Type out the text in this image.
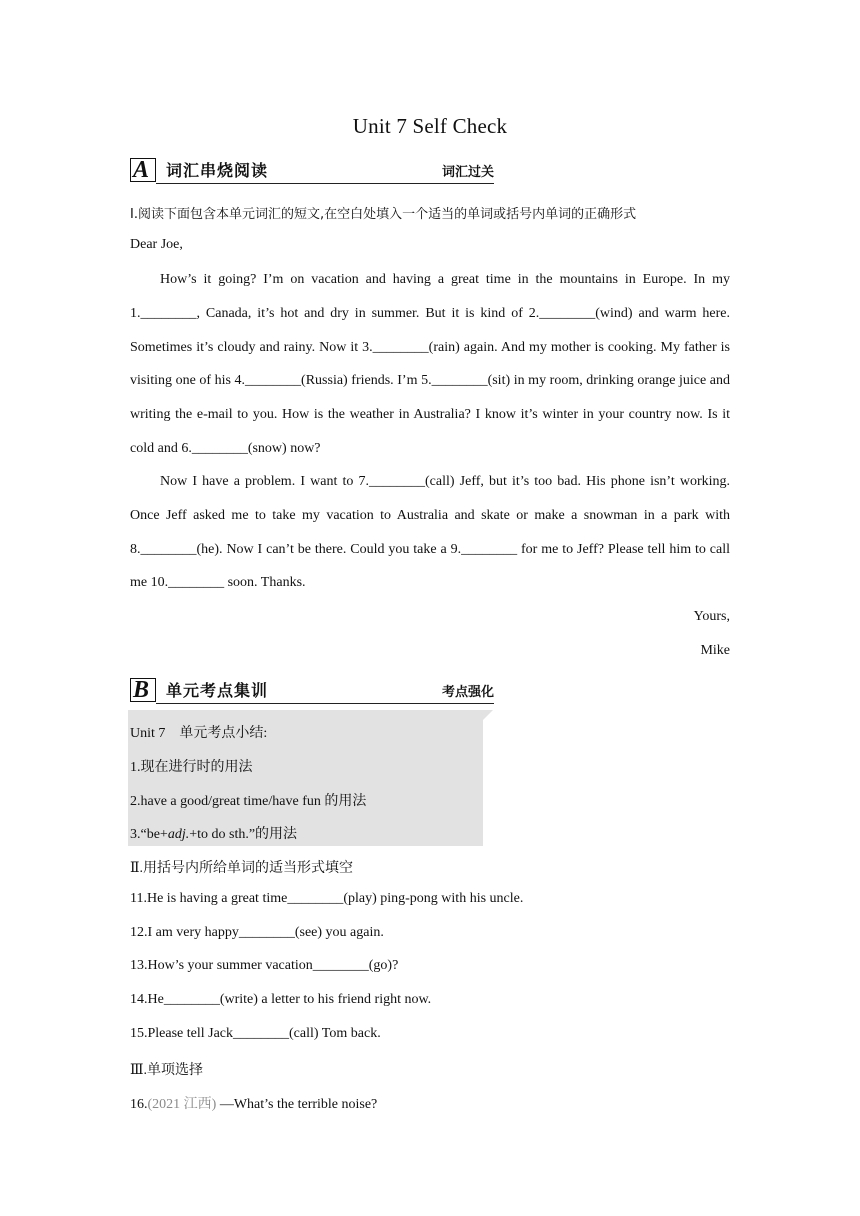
Unit 7 Self Check
A 词汇串烧阅读	词汇过关
Ⅰ.阅读下面包含本单元词汇的短文,在空白处填入一个适当的单词或括号内单词的正确形式
Dear Joe,
How’s it going? I’m on vacation and having a great time in the mountains in Europe. In my 1.________, Canada, it’s hot and dry in summer. But it is kind of 2.________(wind) and warm here. Sometimes it’s cloudy and rainy. Now it 3.________(rain) again. And my mother is cooking. My father is visiting one of his 4.________(Russia) friends. I’m 5.________(sit) in my room, drinking orange juice and writing the e-mail to you. How is the weather in Australia? I know it’s winter in your country now. Is it cold and 6.________(snow) now?
Now I have a problem. I want to 7.________(call) Jeff, but it’s too bad. His phone isn’t working. Once Jeff asked me to take my vacation to Australia and skate or make a snowman in a park with 8.________(he). Now I can’t be there. Could you take a 9.________ for me to Jeff? Please tell him to call me 10.________ soon. Thanks.
Yours,
Mike
B 单元考点集训	考点强化
Unit 7　单元考点小结:
1.现在进行时的用法
2.have a good/great time/have fun 的用法
3.“be+adj.+to do sth.”的用法
Ⅱ.用括号内所给单词的适当形式填空
11.He is having a great time________(play) ping-pong with his uncle.
12.I am very happy________(see) you again.
13.How’s your summer vacation________(go)?
14.He________(write) a letter to his friend right now.
15.Please tell Jack________(call) Tom back.
Ⅲ.单项选择
16.(2021 江西) —What’s the terrible noise?
